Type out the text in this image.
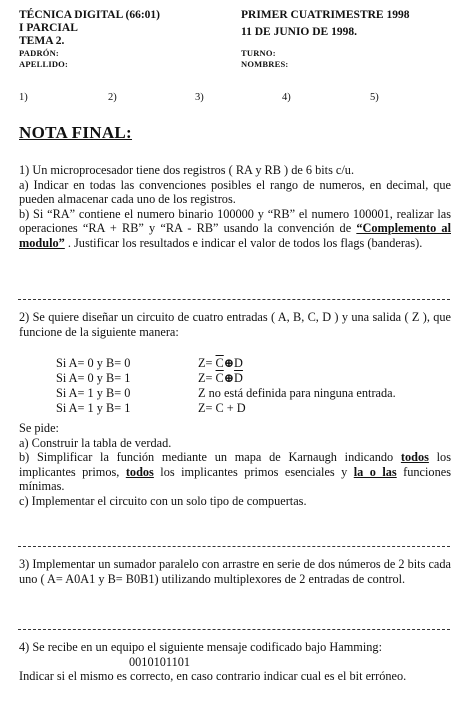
TÉCNICA DIGITAL (66:01)
I PARCIAL
TEMA 2.
PADRÓN:
APELLIDO:
PRIMER CUATRIMESTRE 1998
11 DE JUNIO DE 1998.
TURNO:
NOMBRES:
1)	2)	3)	4)	5)
NOTA FINAL:

1) Un microprocesador tiene dos registros ( RA y RB ) de 6 bits c/u.

a) Indicar en todas las convenciones posibles el rango de numeros, en decimal, que pueden almacenar cada uno de los registros.

b) Si “RA” contiene el numero binario 100000 y “RB” el numero 100001, realizar las operaciones “RA + RB” y “RA - RB” usando la convención de “Complemento al modulo” . Justificar los resultados e indicar el valor de todos los flags (banderas).

2) Se quiere diseñar un circuito de cuatro entradas ( A, B, C, D ) y una salida ( Z ), que funcione de la siguiente manera:

Si A= 0 y B= 0	$Z= \overline{C}\oplus D$
Si A= 0 y B= 1	$Z= \overline{C}\oplus\overline{D}$
Si A= 1 y B= 0	Z no está definida para ninguna entrada.
Si A= 1 y B= 1	Z= C + D

Se pide:

a) Construir la tabla de verdad.

b) Simplificar la función mediante un mapa de Karnaugh indicando todos los implicantes primos, todos los implicantes primos esenciales y la o las funciones mínimas.

c) Implementar el circuito con un solo tipo de compuertas.

3) Implementar un sumador paralelo con arrastre en serie de dos números de 2 bits cada uno ( A= A0A1 y B= B0B1) utilizando multiplexores de 2 entradas de control.

4) Se recibe en un equipo el siguiente mensaje codificado bajo Hamming:

0010101101

Indicar si el mismo es correcto, en caso contrario indicar cual es el bit erróneo.
